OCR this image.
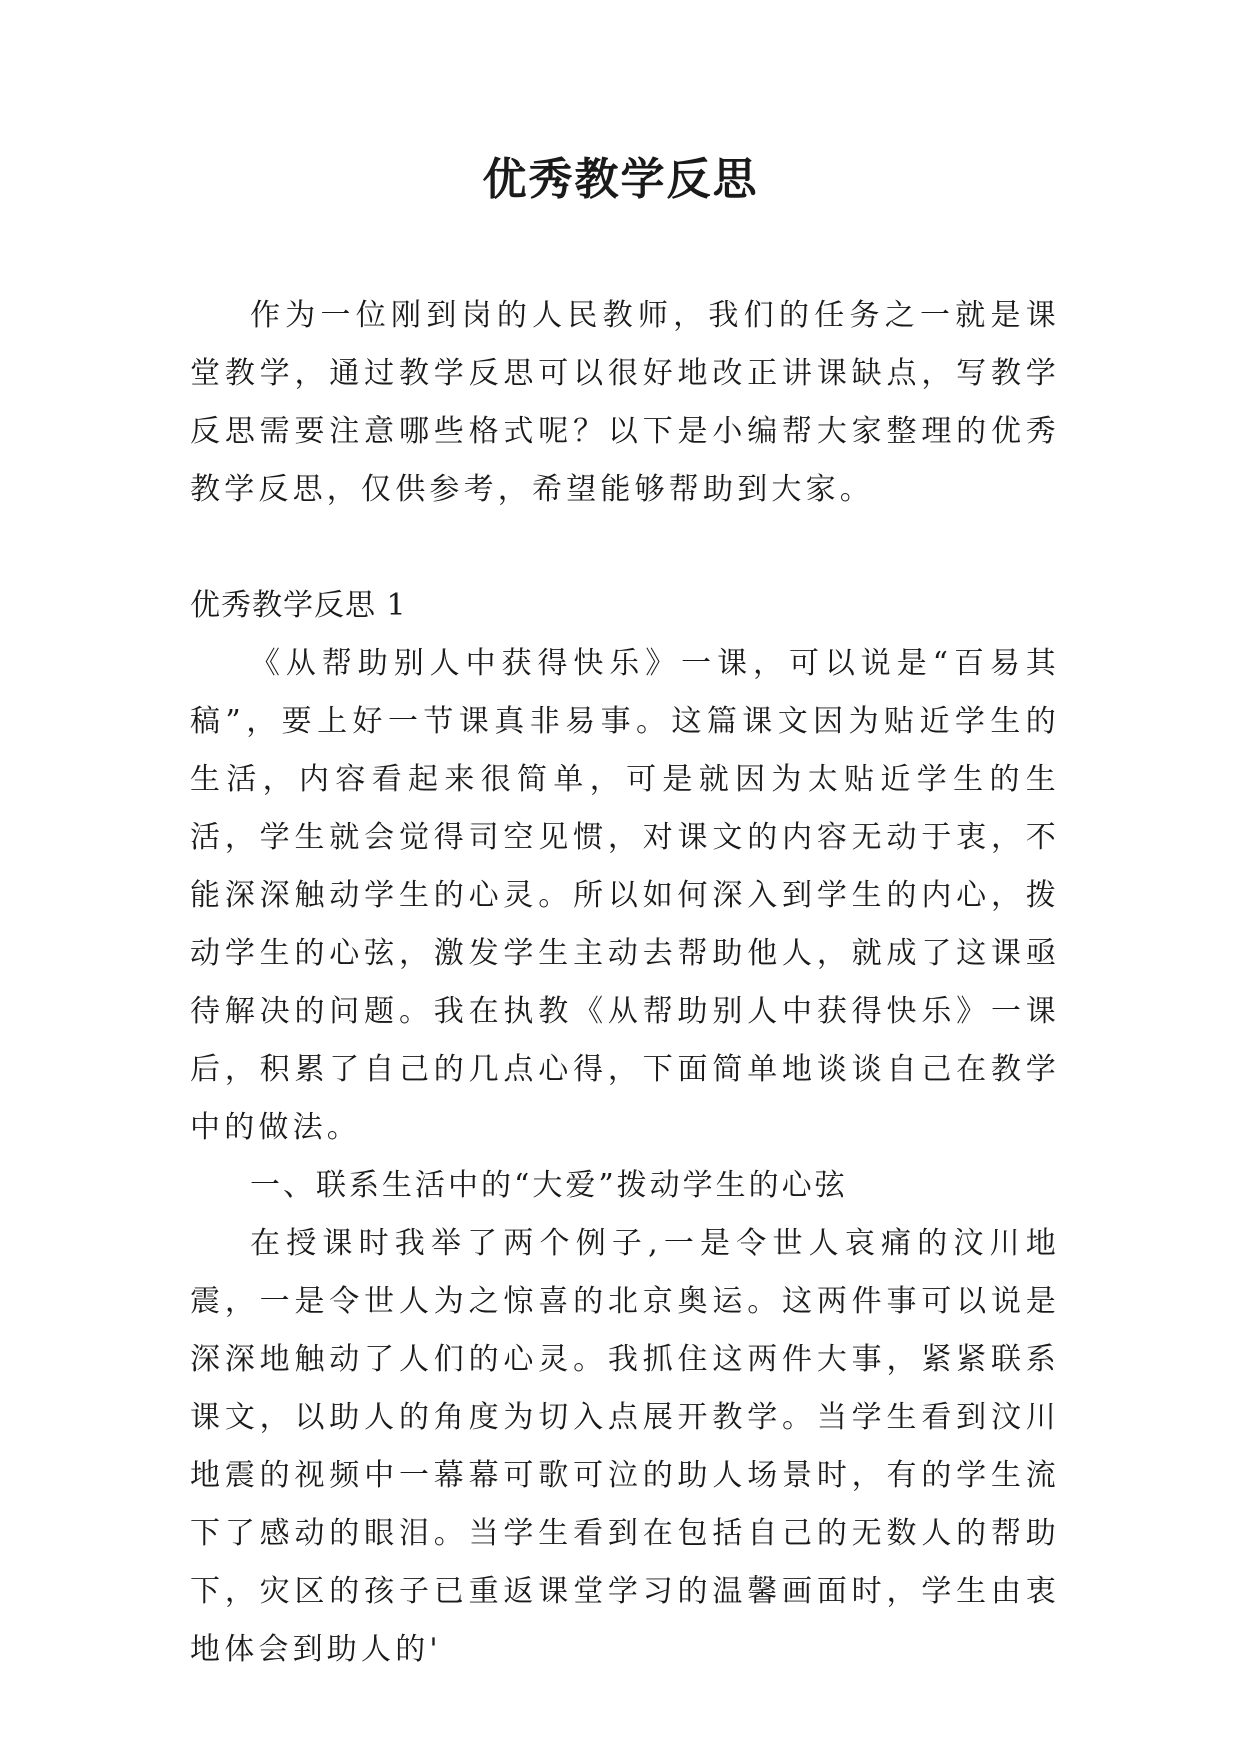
优秀教学反思

作为一位刚到岗的人民教师，我们的任务之一就是课堂教学，通过教学反思可以很好地改正讲课缺点，写教学反思需要注意哪些格式呢？以下是小编帮大家整理的优秀教学反思，仅供参考，希望能够帮助到大家。

优秀教学反思 1

《从帮助别人中获得快乐》一课，可以说是“百易其稿”，要上好一节课真非易事。这篇课文因为贴近学生的生活，内容看起来很简单，可是就因为太贴近学生的生活，学生就会觉得司空见惯，对课文的内容无动于衷，不能深深触动学生的心灵。所以如何深入到学生的内心，拨动学生的心弦，激发学生主动去帮助他人，就成了这课亟待解决的问题。我在执教《从帮助别人中获得快乐》一课后，积累了自己的几点心得，下面简单地谈谈自己在教学中的做法。

一、联系生活中的“大爱”拨动学生的心弦

在授课时我举了两个例子,一是令世人哀痛的汶川地震，一是令世人为之惊喜的北京奥运。这两件事可以说是深深地触动了人们的心灵。我抓住这两件大事，紧紧联系课文，以助人的角度为切入点展开教学。当学生看到汶川地震的视频中一幕幕可歌可泣的助人场景时，有的学生流下了感动的眼泪。当学生看到在包括自己的无数人的帮助下，灾区的孩子已重返课堂学习的温馨画面时，学生由衷地体会到助人的'
